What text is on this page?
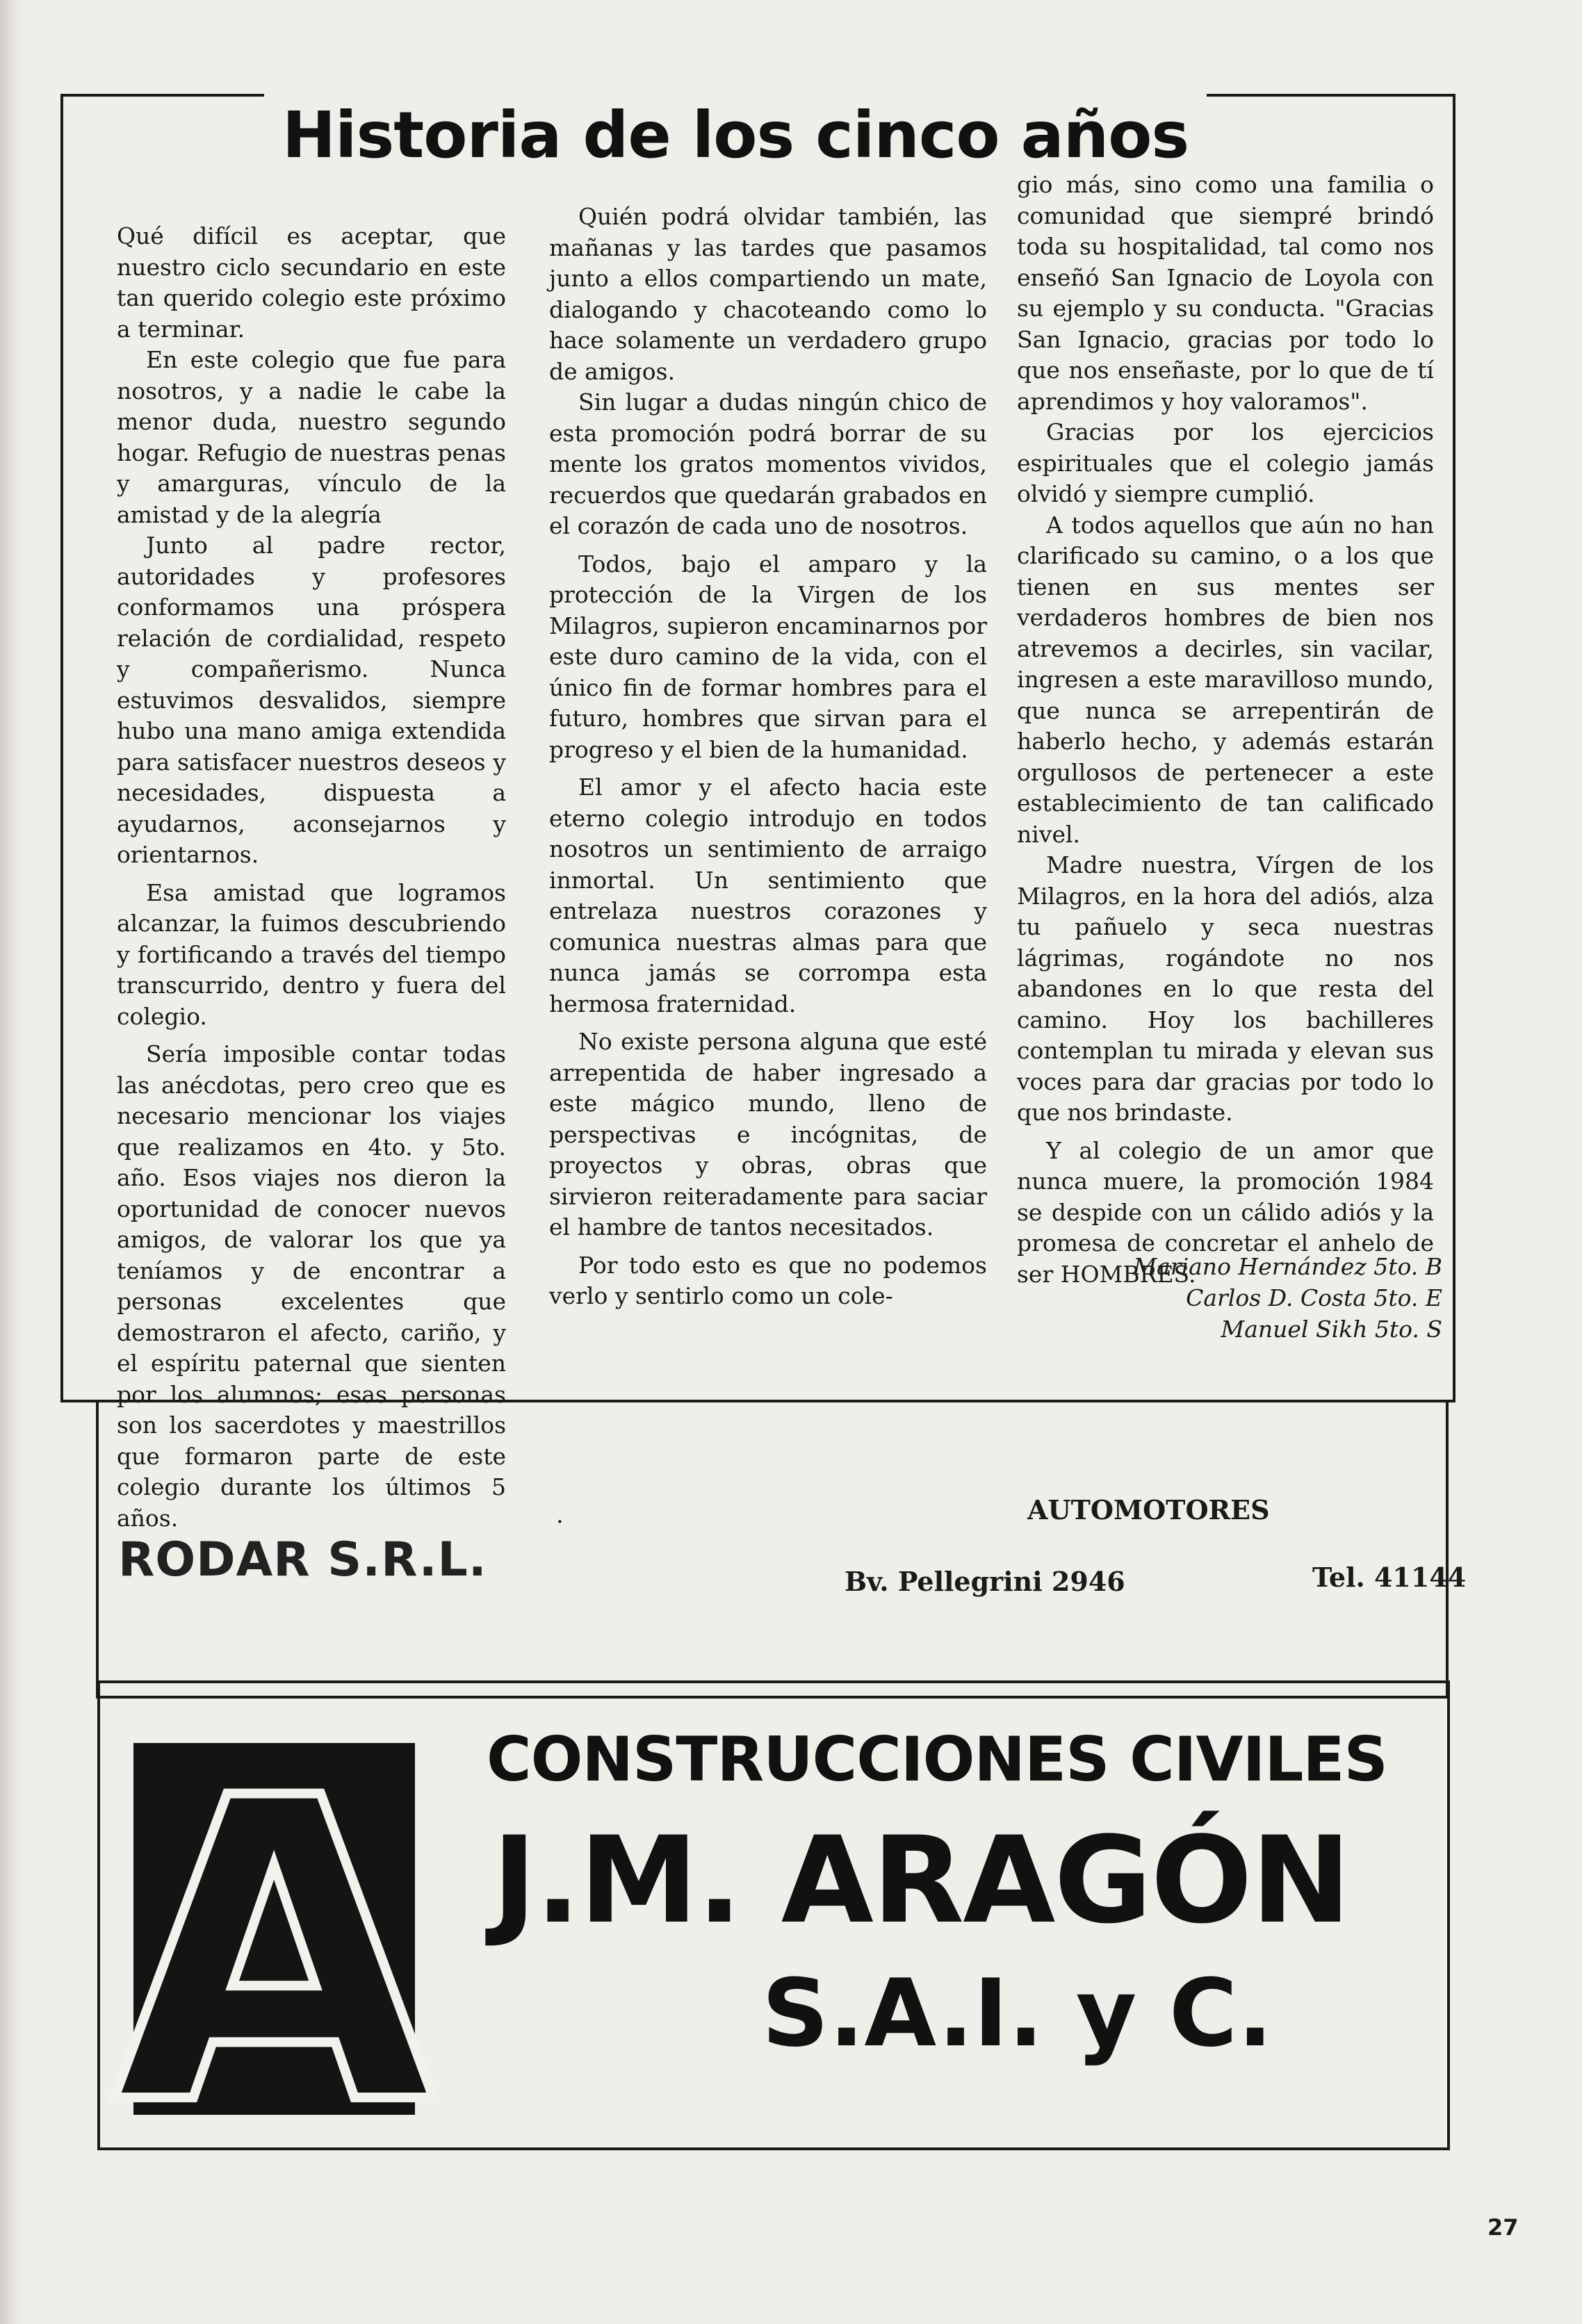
Historia de los cinco años

Qué difícil es aceptar, que nuestro ciclo secundario en este tan querido colegio este próximo a terminar.

En este colegio que fue para nosotros, y a nadie le cabe la menor duda, nuestro segundo hogar. Refugio de nuestras penas y amarguras, vínculo de la amistad y de la alegría

Junto al padre rector, autoridades y profesores conformamos una próspera relación de cordialidad, respeto y compañerismo. Nunca estuvimos desvalidos, siempre hubo una mano amiga extendida para satisfacer nuestros deseos y necesidades, dispuesta a ayudarnos, aconsejarnos y orientarnos.

Esa amistad que logramos alcanzar, la fuimos descubriendo y fortificando a través del tiempo transcurrido, dentro y fuera del colegio.

Sería imposible contar todas las anécdotas, pero creo que es necesario mencionar los viajes que realizamos en 4to. y 5to. año. Esos viajes nos dieron la oportunidad de conocer nuevos amigos, de valorar los que ya teníamos y de encontrar a personas excelentes que demostraron el afecto, cariño, y el espíritu paternal que sienten por los alumnos; esas personas son los sacerdotes y maestrillos que formaron parte de este colegio durante los últimos 5 años.

Quién podrá olvidar también, las mañanas y las tardes que pasamos junto a ellos compartiendo un mate, dialogando y chacoteando como lo hace solamente un verdadero grupo de amigos.

Sin lugar a dudas ningún chico de esta promoción podrá borrar de su mente los gratos momentos vividos, recuerdos que quedarán grabados en el corazón de cada uno de nosotros.

Todos, bajo el amparo y la protección de la Virgen de los Milagros, supieron encaminarnos por este duro camino de la vida, con el único fin de formar hombres para el futuro, hombres que sirvan para el progreso y el bien de la humanidad.

El amor y el afecto hacia este eterno colegio introdujo en todos nosotros un sentimiento de arraigo inmortal. Un sentimiento que entrelaza nuestros corazones y comunica nuestras almas para que nunca jamás se corrompa esta hermosa fraternidad.

No existe persona alguna que esté arrepentida de haber ingresado a este mágico mundo, lleno de perspectivas e incógnitas, de proyectos y obras, obras que sirvieron reiteradamente para saciar el hambre de tantos necesitados.

Por todo esto es que no podemos verlo y sentirlo como un cole-

gio más, sino como una familia o comunidad que siempré brindó toda su hospitalidad, tal como nos enseñó San Ignacio de Loyola con su ejemplo y su conducta. "Gracias San Ignacio, gracias por todo lo que nos enseñaste, por lo que de tí aprendimos y hoy valoramos".

Gracias por los ejercicios espirituales que el colegio jamás olvidó y siempre cumplió.

A todos aquellos que aún no han clarificado su camino, o a los que tienen en sus mentes ser verdaderos hombres de bien nos atrevemos a decirles, sin vacilar, ingresen a este maravilloso mundo, que nunca se arrepentirán de haberlo hecho, y además estarán orgullosos de pertenecer a este establecimiento de tan calificado nivel.

Madre nuestra, Vírgen de los Milagros, en la hora del adiós, alza tu pañuelo y seca nuestras lágrimas, rogándote no nos abandones en lo que resta del camino. Hoy los bachilleres contemplan tu mirada y elevan sus voces para dar gracias por todo lo que nos brindaste.

Y al colegio de un amor que nunca muere, la promoción 1984 se despide con un cálido adiós y la promesa de concretar el anhelo de ser HOMBRES.

Mariano Hernández 5to. B
Carlos D. Costa 5to. E
Manuel Sikh 5to. S
.
RODAR S.R.L.
AUTOMOTORES
Bv. Pellegrini 2946	Tel. 41144
A CONSTRUCCIONES CIVILES
J.M. ARAGÓN
S.A.I. y C.
27
